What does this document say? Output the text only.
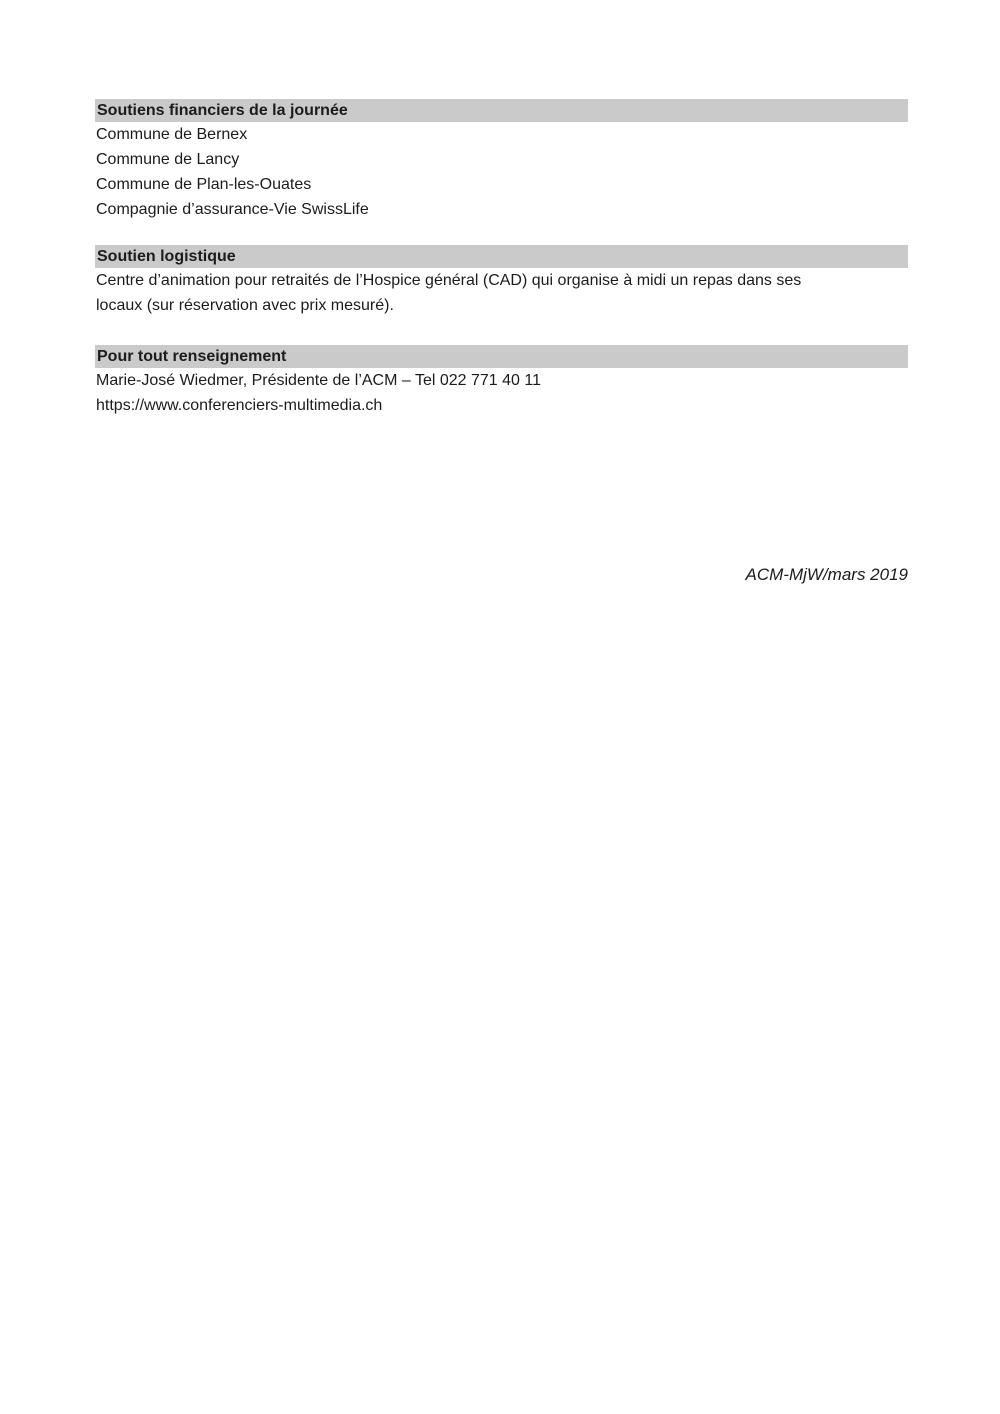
Soutiens financiers de la journée
Commune de Bernex
Commune de Lancy
Commune de Plan-les-Ouates
Compagnie d’assurance-Vie SwissLife
Soutien logistique
Centre d’animation pour retraités de l’Hospice général (CAD) qui organise à midi un repas dans ses
locaux (sur réservation avec prix mesuré).
Pour tout renseignement
Marie-José Wiedmer, Présidente de l’ACM – Tel 022 771 40 11
https://www.conferenciers-multimedia.ch
ACM-MjW/mars 2019
